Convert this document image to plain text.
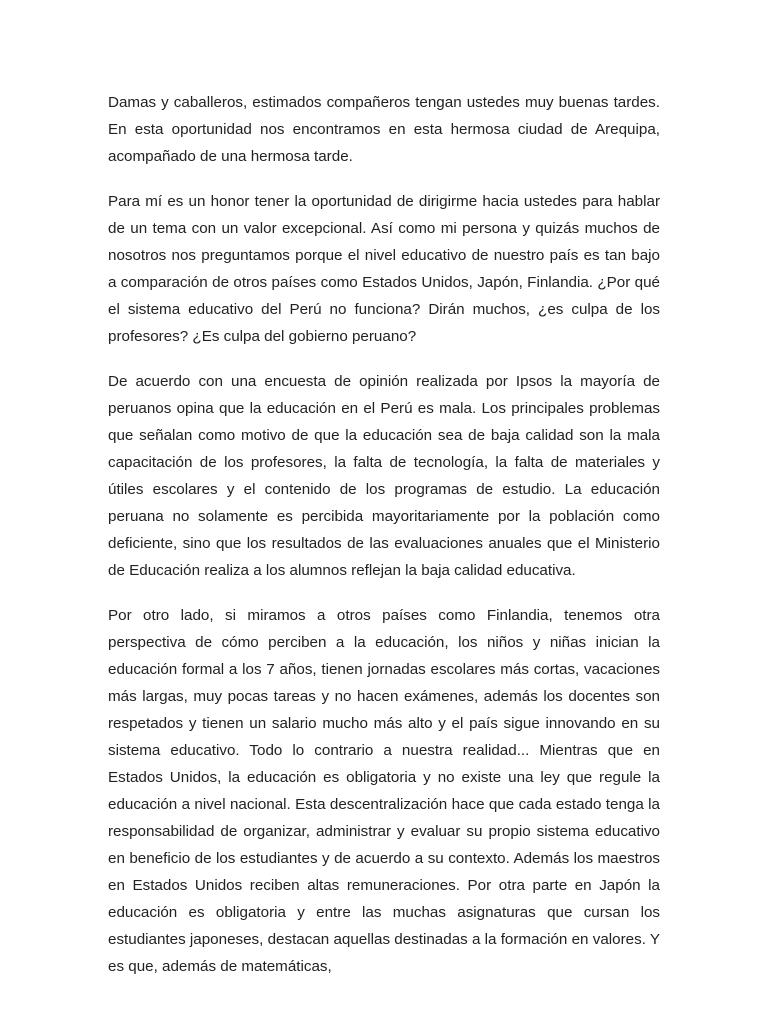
Damas y caballeros, estimados compañeros tengan ustedes muy buenas tardes. En esta oportunidad nos encontramos en esta hermosa ciudad de Arequipa, acompañado de una hermosa tarde.

Para mí es un honor tener la oportunidad de dirigirme hacia ustedes para hablar de un tema con un valor excepcional. Así como mi persona y quizás muchos de nosotros nos preguntamos porque el nivel educativo de nuestro país es tan bajo a comparación de otros países como Estados Unidos, Japón, Finlandia. ¿Por qué el sistema educativo del Perú no funciona? Dirán muchos, ¿es culpa de los profesores? ¿Es culpa del gobierno peruano?

De acuerdo con una encuesta de opinión realizada por Ipsos la mayoría de peruanos opina que la educación en el Perú es mala. Los principales problemas que señalan como motivo de que la educación sea de baja calidad son la mala capacitación de los profesores, la falta de tecnología, la falta de materiales y útiles escolares y el contenido de los programas de estudio. La educación peruana no solamente es percibida mayoritariamente por la población como deficiente, sino que los resultados de las evaluaciones anuales que el Ministerio de Educación realiza a los alumnos reflejan la baja calidad educativa.

Por otro lado, si miramos a otros países como Finlandia, tenemos otra perspectiva de cómo perciben a la educación, los niños y niñas inician la educación formal a los 7 años, tienen jornadas escolares más cortas, vacaciones más largas, muy pocas tareas y no hacen exámenes, además los docentes son respetados y tienen un salario mucho más alto y el país sigue innovando en su sistema educativo. Todo lo contrario a nuestra realidad... Mientras que en Estados Unidos, la educación es obligatoria y no existe una ley que regule la educación a nivel nacional. Esta descentralización hace que cada estado tenga la responsabilidad de organizar, administrar y evaluar su propio sistema educativo en beneficio de los estudiantes y de acuerdo a su contexto. Además los maestros en Estados Unidos reciben altas remuneraciones. Por otra parte en Japón la educación es obligatoria y entre las muchas asignaturas que cursan los estudiantes japoneses, destacan aquellas destinadas a la formación en valores. Y es que, además de matemáticas,
